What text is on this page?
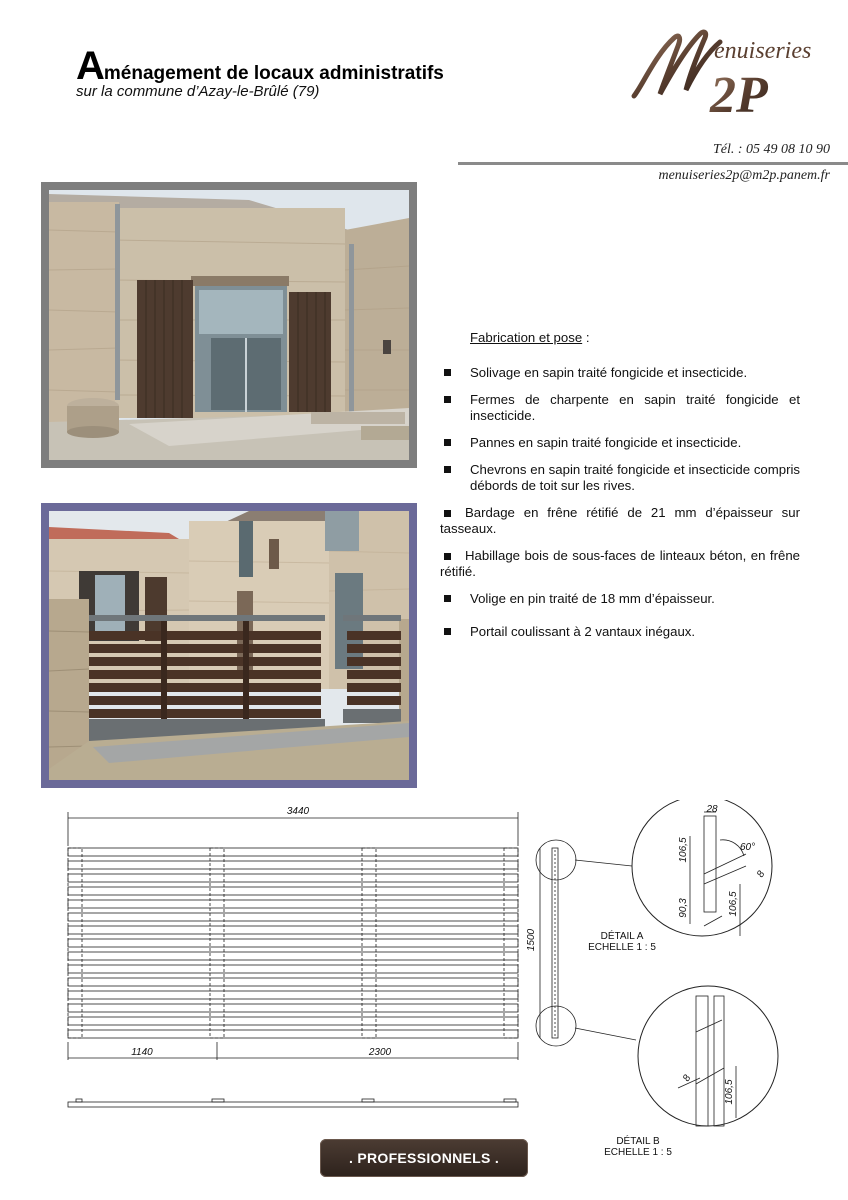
Aménagement de locaux administratifs
sur la commune d’Azay-le-Brûlé (79)
enuiseries
2P
Tél. : 05 49 08 10 90
menuiseries2p@m2p.panem.fr
Fabrication et pose :
Solivage en sapin traité fongicide et insecticide.
Fermes de charpente en sapin traité fongicide et insecticide.
Pannes en sapin traité fongicide et insecticide.
Chevrons en sapin traité fongicide et insecticide compris débords de toit sur les rives.
Bardage en frêne rétifié de 21 mm d’épaisseur sur tasseaux.
Habillage bois de sous-faces de linteaux béton, en frêne rétifié.
Volige en pin traité de 18 mm d’épaisseur.
Portail coulissant à 2 vantaux inégaux.
3440
1140	2300
1500
28
60°
8
106,5
90,3	106,5
8
106,5
DÉTAIL A
ECHELLE 1 : 5
DÉTAIL B
ECHELLE 1 : 5
. PROFESSIONNELS .
